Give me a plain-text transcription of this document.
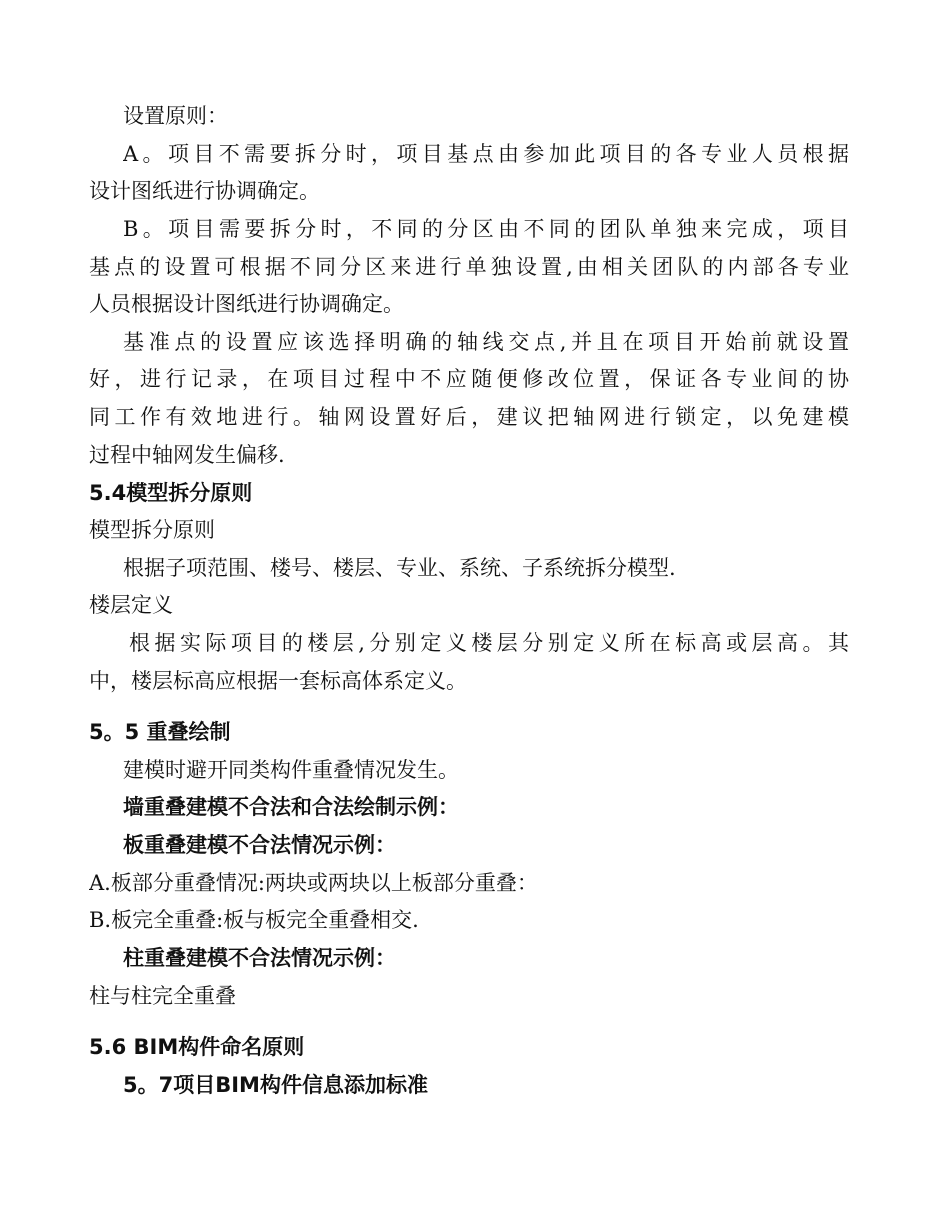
设置原则：
A。项目不需要拆分时，项目基点由参加此项目的各专业人员根据
设计图纸进行协调确定。
B。项目需要拆分时，不同的分区由不同的团队单独来完成，项目
基点的设置可根据不同分区来进行单独设置,由相关团队的内部各专业
人员根据设计图纸进行协调确定。
基准点的设置应该选择明确的轴线交点,并且在项目开始前就设置
好，进行记录，在项目过程中不应随便修改位置，保证各专业间的协
同工作有效地进行。轴网设置好后，建议把轴网进行锁定，以免建模
过程中轴网发生偏移.
5.4模型拆分原则
模型拆分原则
根据子项范围、楼号、楼层、专业、系统、子系统拆分模型.
楼层定义
根据实际项目的楼层,分别定义楼层分别定义所在标高或层高。其
中，楼层标高应根据一套标高体系定义。
5。5 重叠绘制
建模时避开同类构件重叠情况发生。
墙重叠建模不合法和合法绘制示例：
板重叠建模不合法情况示例：
A.板部分重叠情况:两块或两块以上板部分重叠：
B.板完全重叠:板与板完全重叠相交.
柱重叠建模不合法情况示例：
柱与柱完全重叠
5.6 BIM构件命名原则
5。7项目BIM构件信息添加标准
